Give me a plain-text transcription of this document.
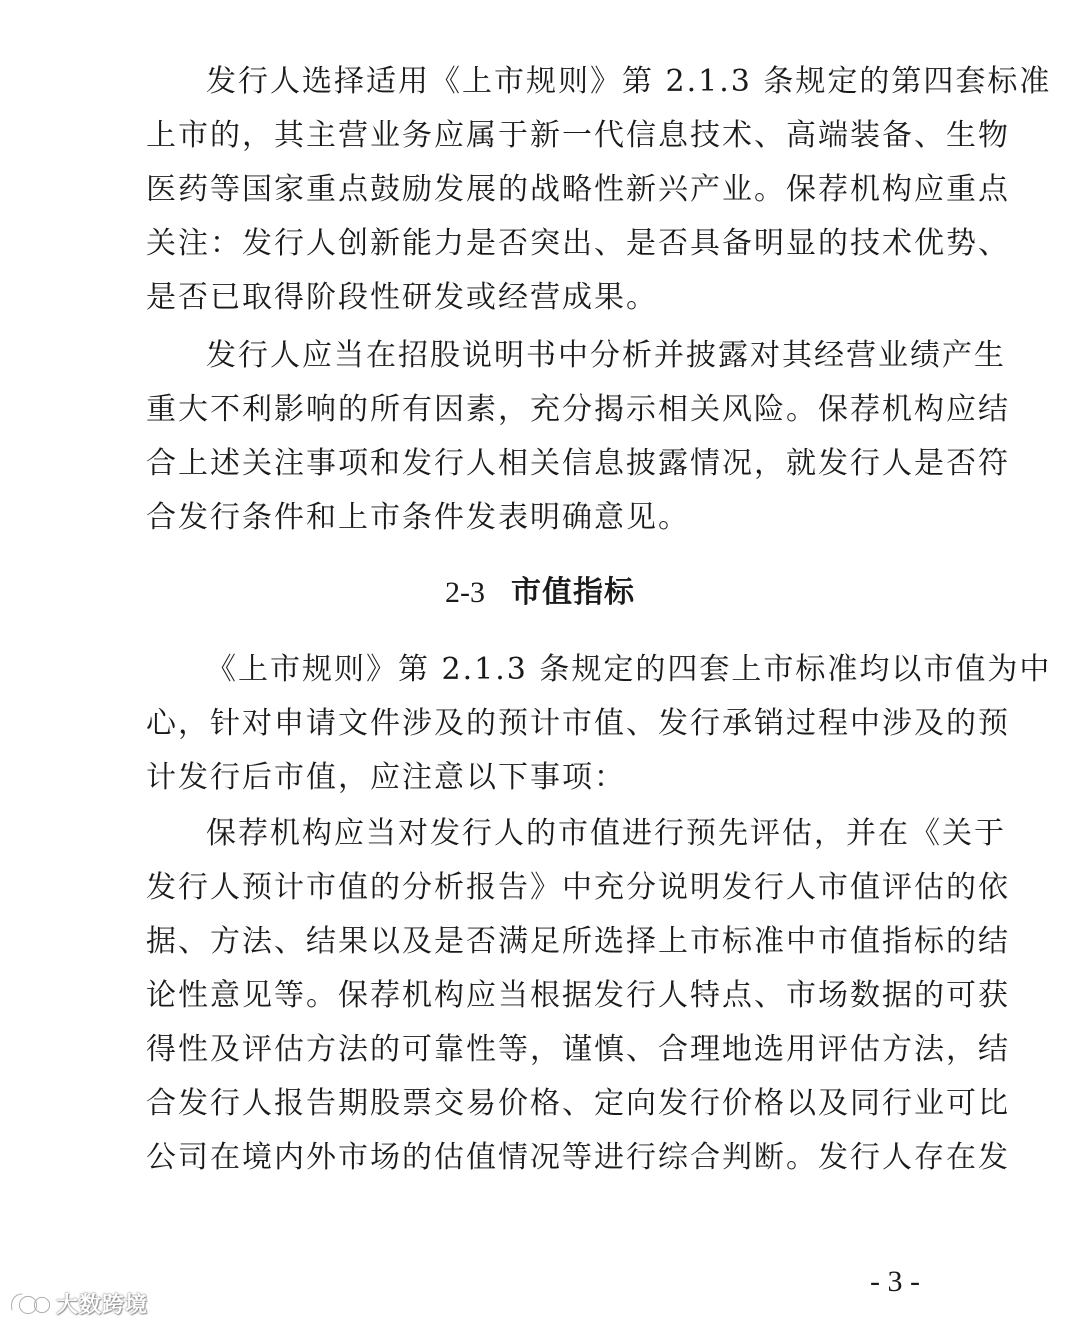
发行人选择适用《上市规则》第 2.1.3 条规定的第四套标准
上市的，其主营业务应属于新一代信息技术、高端装备、生物
医药等国家重点鼓励发展的战略性新兴产业。保荐机构应重点
关注：发行人创新能力是否突出、是否具备明显的技术优势、
是否已取得阶段性研发或经营成果。
发行人应当在招股说明书中分析并披露对其经营业绩产生
重大不利影响的所有因素，充分揭示相关风险。保荐机构应结
合上述关注事项和发行人相关信息披露情况，就发行人是否符
合发行条件和上市条件发表明确意见。
2-3 市值指标
《上市规则》第 2.1.3 条规定的四套上市标准均以市值为中
心，针对申请文件涉及的预计市值、发行承销过程中涉及的预
计发行后市值，应注意以下事项：
保荐机构应当对发行人的市值进行预先评估，并在《关于
发行人预计市值的分析报告》中充分说明发行人市值评估的依
据、方法、结果以及是否满足所选择上市标准中市值指标的结
论性意见等。保荐机构应当根据发行人特点、市场数据的可获
得性及评估方法的可靠性等，谨慎、合理地选用评估方法，结
合发行人报告期股票交易价格、定向发行价格以及同行业可比
公司在境内外市场的估值情况等进行综合判断。发行人存在发
- 3 -
大数跨境
